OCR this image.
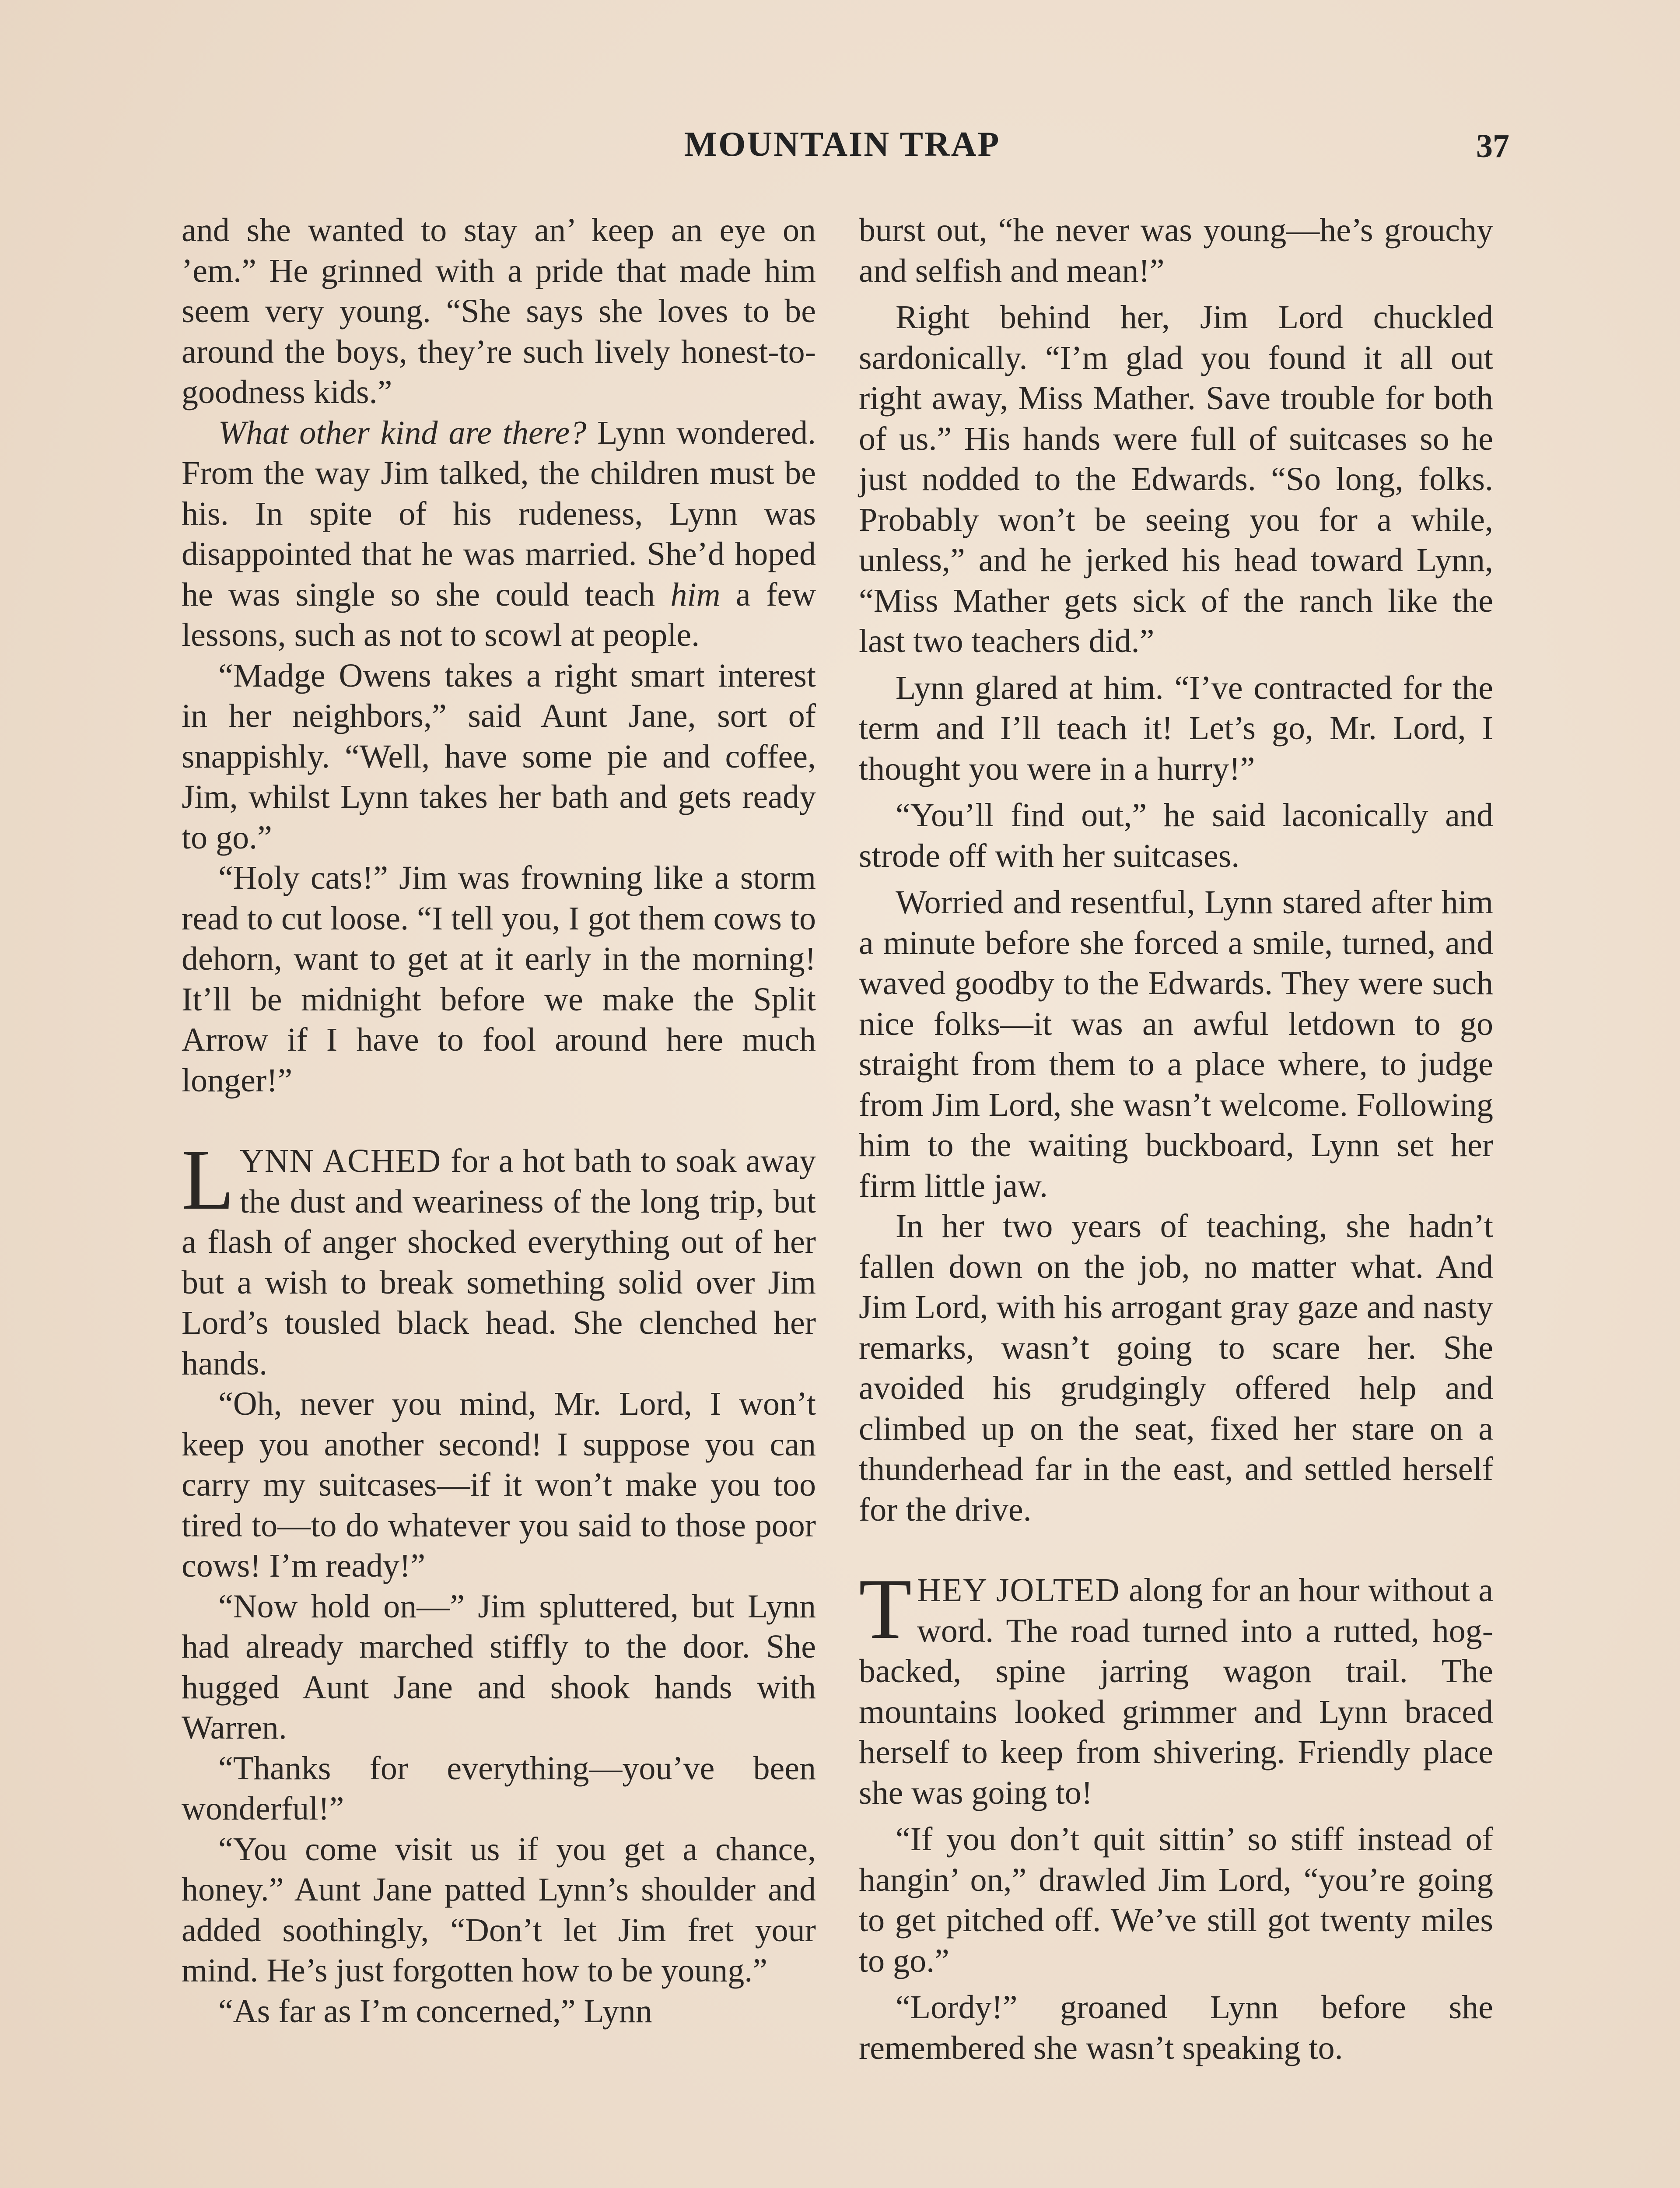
MOUNTAIN TRAP	37

and she wanted to stay an’ keep an eye on ’em.” He grinned with a pride that made him seem very young. “She says she loves to be around the boys, they’re such lively honest-to-goodness kids.”

What other kind are there? Lynn wondered. From the way Jim talked, the children must be his. In spite of his rudeness, Lynn was disappointed that he was married. She’d hoped he was single so she could teach him a few lessons, such as not to scowl at people.

“Madge Owens takes a right smart interest in her neighbors,” said Aunt Jane, sort of snappishly. “Well, have some pie and coffee, Jim, whilst Lynn takes her bath and gets ready to go.”

“Holy cats!” Jim was frowning like a storm read to cut loose. “I tell you, I got them cows to dehorn, want to get at it early in the morning! It’ll be midnight before we make the Split Arrow if I have to fool around here much longer!”

LYNN ACHED for a hot bath to soak away the dust and weariness of the long trip, but a flash of anger shocked everything out of her but a wish to break something solid over Jim Lord’s tousled black head. She clenched her hands.

“Oh, never you mind, Mr. Lord, I won’t keep you another second! I suppose you can carry my suitcases—if it won’t make you too tired to—to do whatever you said to those poor cows! I’m ready!”

“Now hold on—” Jim spluttered, but Lynn had already marched stiffly to the door. She hugged Aunt Jane and shook hands with Warren.

“Thanks for everything—you’ve been wonderful!”

“You come visit us if you get a chance, honey.” Aunt Jane patted Lynn’s shoulder and added soothingly, “Don’t let Jim fret your mind. He’s just forgotten how to be young.”

“As far as I’m concerned,” Lynn

burst out, “he never was young—he’s grouchy and selfish and mean!”

Right behind her, Jim Lord chuckled sardonically. “I’m glad you found it all out right away, Miss Mather. Save trouble for both of us.” His hands were full of suitcases so he just nodded to the Edwards. “So long, folks. Probably won’t be seeing you for a while, unless,” and he jerked his head toward Lynn, “Miss Mather gets sick of the ranch like the last two teachers did.”

Lynn glared at him. “I’ve contracted for the term and I’ll teach it! Let’s go, Mr. Lord, I thought you were in a hurry!”

“You’ll find out,” he said laconically and strode off with her suitcases.

Worried and resentful, Lynn stared after him a minute before she forced a smile, turned, and waved goodby to the Edwards. They were such nice folks—it was an awful letdown to go straight from them to a place where, to judge from Jim Lord, she wasn’t welcome. Following him to the waiting buckboard, Lynn set her firm little jaw.

In her two years of teaching, she hadn’t fallen down on the job, no matter what. And Jim Lord, with his arrogant gray gaze and nasty remarks, wasn’t going to scare her. She avoided his grudgingly offered help and climbed up on the seat, fixed her stare on a thunderhead far in the east, and settled herself for the drive.

THEY JOLTED along for an hour without a word. The road turned into a rutted, hog-backed, spine jarring wagon trail. The mountains looked grimmer and Lynn braced herself to keep from shivering. Friendly place she was going to!

“If you don’t quit sittin’ so stiff instead of hangin’ on,” drawled Jim Lord, “you’re going to get pitched off. We’ve still got twenty miles to go.”

“Lordy!” groaned Lynn before she remembered she wasn’t speaking to.
